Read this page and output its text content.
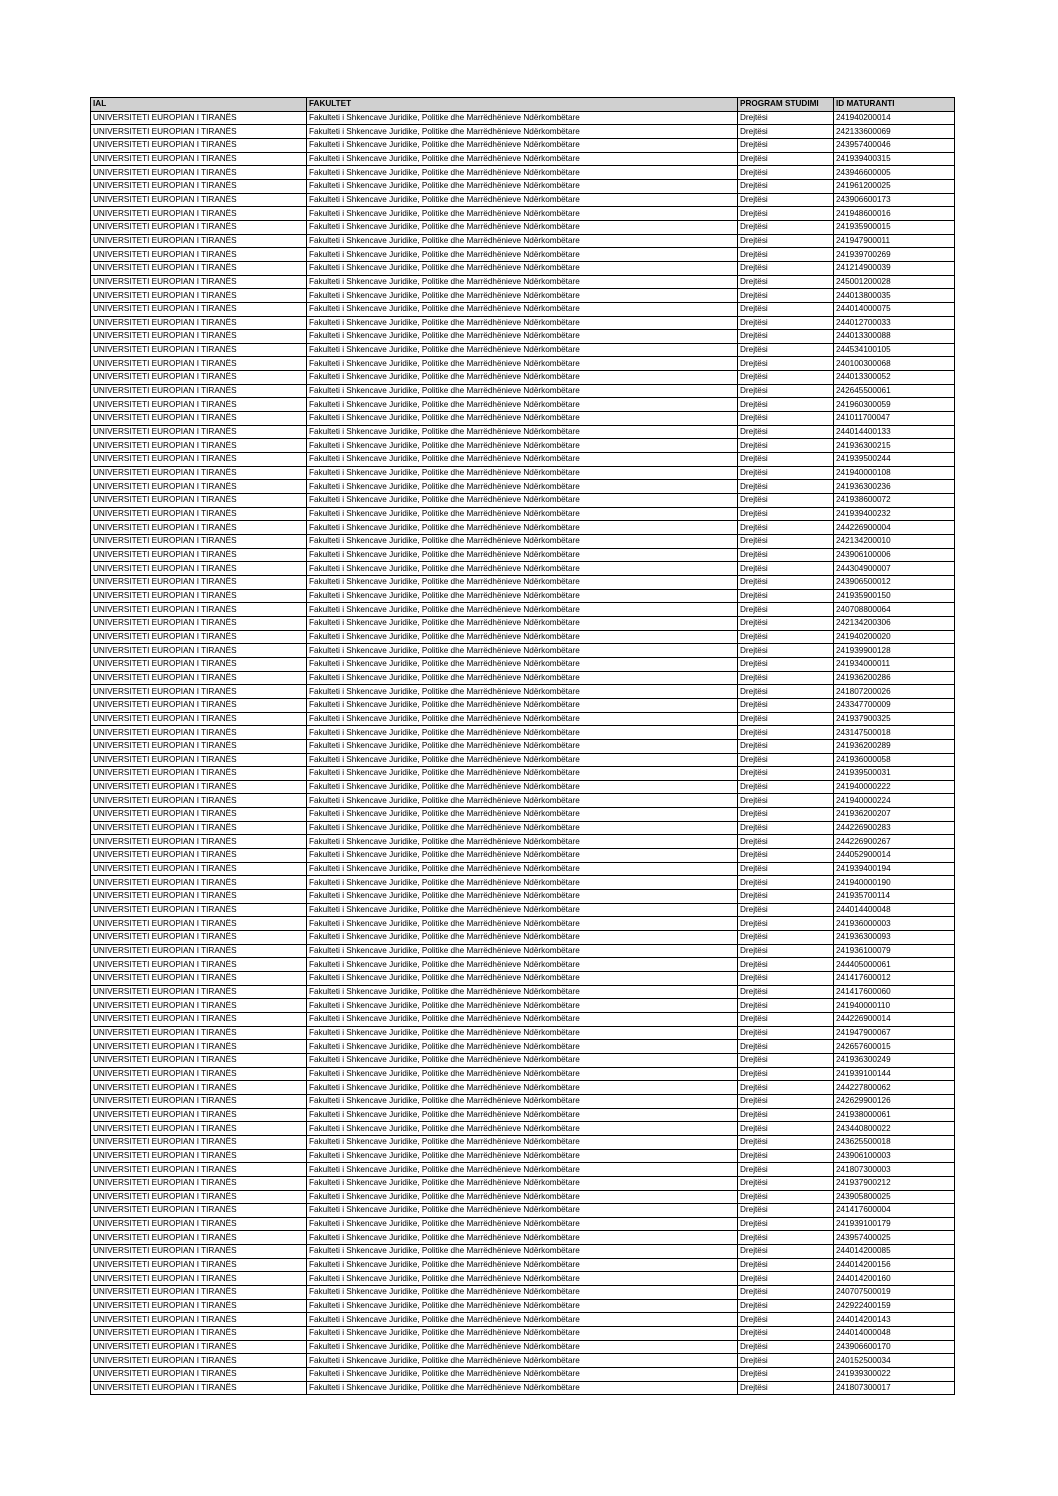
IAL	FAKULTET	PROGRAM STUDIMI	ID MATURANTI
UNIVERSITETI EUROPIAN I TIRANËS	Fakulteti i Shkencave Juridike, Politike dhe Marrëdhënieve Ndërkombëtare	Drejtësi	241940200014
UNIVERSITETI EUROPIAN I TIRANËS	Fakulteti i Shkencave Juridike, Politike dhe Marrëdhënieve Ndërkombëtare	Drejtësi	242133600069
UNIVERSITETI EUROPIAN I TIRANËS	Fakulteti i Shkencave Juridike, Politike dhe Marrëdhënieve Ndërkombëtare	Drejtësi	243957400046
UNIVERSITETI EUROPIAN I TIRANËS	Fakulteti i Shkencave Juridike, Politike dhe Marrëdhënieve Ndërkombëtare	Drejtësi	241939400315
UNIVERSITETI EUROPIAN I TIRANËS	Fakulteti i Shkencave Juridike, Politike dhe Marrëdhënieve Ndërkombëtare	Drejtësi	243946600005
UNIVERSITETI EUROPIAN I TIRANËS	Fakulteti i Shkencave Juridike, Politike dhe Marrëdhënieve Ndërkombëtare	Drejtësi	241961200025
UNIVERSITETI EUROPIAN I TIRANËS	Fakulteti i Shkencave Juridike, Politike dhe Marrëdhënieve Ndërkombëtare	Drejtësi	243906600173
UNIVERSITETI EUROPIAN I TIRANËS	Fakulteti i Shkencave Juridike, Politike dhe Marrëdhënieve Ndërkombëtare	Drejtësi	241948600016
UNIVERSITETI EUROPIAN I TIRANËS	Fakulteti i Shkencave Juridike, Politike dhe Marrëdhënieve Ndërkombëtare	Drejtësi	241935900015
UNIVERSITETI EUROPIAN I TIRANËS	Fakulteti i Shkencave Juridike, Politike dhe Marrëdhënieve Ndërkombëtare	Drejtësi	241947900011
UNIVERSITETI EUROPIAN I TIRANËS	Fakulteti i Shkencave Juridike, Politike dhe Marrëdhënieve Ndërkombëtare	Drejtësi	241939700269
UNIVERSITETI EUROPIAN I TIRANËS	Fakulteti i Shkencave Juridike, Politike dhe Marrëdhënieve Ndërkombëtare	Drejtësi	241214900039
UNIVERSITETI EUROPIAN I TIRANËS	Fakulteti i Shkencave Juridike, Politike dhe Marrëdhënieve Ndërkombëtare	Drejtësi	245001200028
UNIVERSITETI EUROPIAN I TIRANËS	Fakulteti i Shkencave Juridike, Politike dhe Marrëdhënieve Ndërkombëtare	Drejtësi	244013800035
UNIVERSITETI EUROPIAN I TIRANËS	Fakulteti i Shkencave Juridike, Politike dhe Marrëdhënieve Ndërkombëtare	Drejtësi	244014000075
UNIVERSITETI EUROPIAN I TIRANËS	Fakulteti i Shkencave Juridike, Politike dhe Marrëdhënieve Ndërkombëtare	Drejtësi	244012700033
UNIVERSITETI EUROPIAN I TIRANËS	Fakulteti i Shkencave Juridike, Politike dhe Marrëdhënieve Ndërkombëtare	Drejtësi	244013300088
UNIVERSITETI EUROPIAN I TIRANËS	Fakulteti i Shkencave Juridike, Politike dhe Marrëdhënieve Ndërkombëtare	Drejtësi	244534100105
UNIVERSITETI EUROPIAN I TIRANËS	Fakulteti i Shkencave Juridike, Politike dhe Marrëdhënieve Ndërkombëtare	Drejtësi	240100300068
UNIVERSITETI EUROPIAN I TIRANËS	Fakulteti i Shkencave Juridike, Politike dhe Marrëdhënieve Ndërkombëtare	Drejtësi	244013300052
UNIVERSITETI EUROPIAN I TIRANËS	Fakulteti i Shkencave Juridike, Politike dhe Marrëdhënieve Ndërkombëtare	Drejtësi	242645500061
UNIVERSITETI EUROPIAN I TIRANËS	Fakulteti i Shkencave Juridike, Politike dhe Marrëdhënieve Ndërkombëtare	Drejtësi	241960300059
UNIVERSITETI EUROPIAN I TIRANËS	Fakulteti i Shkencave Juridike, Politike dhe Marrëdhënieve Ndërkombëtare	Drejtësi	241011700047
UNIVERSITETI EUROPIAN I TIRANËS	Fakulteti i Shkencave Juridike, Politike dhe Marrëdhënieve Ndërkombëtare	Drejtësi	244014400133
UNIVERSITETI EUROPIAN I TIRANËS	Fakulteti i Shkencave Juridike, Politike dhe Marrëdhënieve Ndërkombëtare	Drejtësi	241936300215
UNIVERSITETI EUROPIAN I TIRANËS	Fakulteti i Shkencave Juridike, Politike dhe Marrëdhënieve Ndërkombëtare	Drejtësi	241939500244
UNIVERSITETI EUROPIAN I TIRANËS	Fakulteti i Shkencave Juridike, Politike dhe Marrëdhënieve Ndërkombëtare	Drejtësi	241940000108
UNIVERSITETI EUROPIAN I TIRANËS	Fakulteti i Shkencave Juridike, Politike dhe Marrëdhënieve Ndërkombëtare	Drejtësi	241936300236
UNIVERSITETI EUROPIAN I TIRANËS	Fakulteti i Shkencave Juridike, Politike dhe Marrëdhënieve Ndërkombëtare	Drejtësi	241938600072
UNIVERSITETI EUROPIAN I TIRANËS	Fakulteti i Shkencave Juridike, Politike dhe Marrëdhënieve Ndërkombëtare	Drejtësi	241939400232
UNIVERSITETI EUROPIAN I TIRANËS	Fakulteti i Shkencave Juridike, Politike dhe Marrëdhënieve Ndërkombëtare	Drejtësi	244226900004
UNIVERSITETI EUROPIAN I TIRANËS	Fakulteti i Shkencave Juridike, Politike dhe Marrëdhënieve Ndërkombëtare	Drejtësi	242134200010
UNIVERSITETI EUROPIAN I TIRANËS	Fakulteti i Shkencave Juridike, Politike dhe Marrëdhënieve Ndërkombëtare	Drejtësi	243906100006
UNIVERSITETI EUROPIAN I TIRANËS	Fakulteti i Shkencave Juridike, Politike dhe Marrëdhënieve Ndërkombëtare	Drejtësi	244304900007
UNIVERSITETI EUROPIAN I TIRANËS	Fakulteti i Shkencave Juridike, Politike dhe Marrëdhënieve Ndërkombëtare	Drejtësi	243906500012
UNIVERSITETI EUROPIAN I TIRANËS	Fakulteti i Shkencave Juridike, Politike dhe Marrëdhënieve Ndërkombëtare	Drejtësi	241935900150
UNIVERSITETI EUROPIAN I TIRANËS	Fakulteti i Shkencave Juridike, Politike dhe Marrëdhënieve Ndërkombëtare	Drejtësi	240708800064
UNIVERSITETI EUROPIAN I TIRANËS	Fakulteti i Shkencave Juridike, Politike dhe Marrëdhënieve Ndërkombëtare	Drejtësi	242134200306
UNIVERSITETI EUROPIAN I TIRANËS	Fakulteti i Shkencave Juridike, Politike dhe Marrëdhënieve Ndërkombëtare	Drejtësi	241940200020
UNIVERSITETI EUROPIAN I TIRANËS	Fakulteti i Shkencave Juridike, Politike dhe Marrëdhënieve Ndërkombëtare	Drejtësi	241939900128
UNIVERSITETI EUROPIAN I TIRANËS	Fakulteti i Shkencave Juridike, Politike dhe Marrëdhënieve Ndërkombëtare	Drejtësi	241934000011
UNIVERSITETI EUROPIAN I TIRANËS	Fakulteti i Shkencave Juridike, Politike dhe Marrëdhënieve Ndërkombëtare	Drejtësi	241936200286
UNIVERSITETI EUROPIAN I TIRANËS	Fakulteti i Shkencave Juridike, Politike dhe Marrëdhënieve Ndërkombëtare	Drejtësi	241807200026
UNIVERSITETI EUROPIAN I TIRANËS	Fakulteti i Shkencave Juridike, Politike dhe Marrëdhënieve Ndërkombëtare	Drejtësi	243347700009
UNIVERSITETI EUROPIAN I TIRANËS	Fakulteti i Shkencave Juridike, Politike dhe Marrëdhënieve Ndërkombëtare	Drejtësi	241937900325
UNIVERSITETI EUROPIAN I TIRANËS	Fakulteti i Shkencave Juridike, Politike dhe Marrëdhënieve Ndërkombëtare	Drejtësi	243147500018
UNIVERSITETI EUROPIAN I TIRANËS	Fakulteti i Shkencave Juridike, Politike dhe Marrëdhënieve Ndërkombëtare	Drejtësi	241936200289
UNIVERSITETI EUROPIAN I TIRANËS	Fakulteti i Shkencave Juridike, Politike dhe Marrëdhënieve Ndërkombëtare	Drejtësi	241936000058
UNIVERSITETI EUROPIAN I TIRANËS	Fakulteti i Shkencave Juridike, Politike dhe Marrëdhënieve Ndërkombëtare	Drejtësi	241939500031
UNIVERSITETI EUROPIAN I TIRANËS	Fakulteti i Shkencave Juridike, Politike dhe Marrëdhënieve Ndërkombëtare	Drejtësi	241940000222
UNIVERSITETI EUROPIAN I TIRANËS	Fakulteti i Shkencave Juridike, Politike dhe Marrëdhënieve Ndërkombëtare	Drejtësi	241940000224
UNIVERSITETI EUROPIAN I TIRANËS	Fakulteti i Shkencave Juridike, Politike dhe Marrëdhënieve Ndërkombëtare	Drejtësi	241936200207
UNIVERSITETI EUROPIAN I TIRANËS	Fakulteti i Shkencave Juridike, Politike dhe Marrëdhënieve Ndërkombëtare	Drejtësi	244226900283
UNIVERSITETI EUROPIAN I TIRANËS	Fakulteti i Shkencave Juridike, Politike dhe Marrëdhënieve Ndërkombëtare	Drejtësi	244226900267
UNIVERSITETI EUROPIAN I TIRANËS	Fakulteti i Shkencave Juridike, Politike dhe Marrëdhënieve Ndërkombëtare	Drejtësi	244052900014
UNIVERSITETI EUROPIAN I TIRANËS	Fakulteti i Shkencave Juridike, Politike dhe Marrëdhënieve Ndërkombëtare	Drejtësi	241939400194
UNIVERSITETI EUROPIAN I TIRANËS	Fakulteti i Shkencave Juridike, Politike dhe Marrëdhënieve Ndërkombëtare	Drejtësi	241940000190
UNIVERSITETI EUROPIAN I TIRANËS	Fakulteti i Shkencave Juridike, Politike dhe Marrëdhënieve Ndërkombëtare	Drejtësi	241935700114
UNIVERSITETI EUROPIAN I TIRANËS	Fakulteti i Shkencave Juridike, Politike dhe Marrëdhënieve Ndërkombëtare	Drejtësi	244014400048
UNIVERSITETI EUROPIAN I TIRANËS	Fakulteti i Shkencave Juridike, Politike dhe Marrëdhënieve Ndërkombëtare	Drejtësi	241936000003
UNIVERSITETI EUROPIAN I TIRANËS	Fakulteti i Shkencave Juridike, Politike dhe Marrëdhënieve Ndërkombëtare	Drejtësi	241936300093
UNIVERSITETI EUROPIAN I TIRANËS	Fakulteti i Shkencave Juridike, Politike dhe Marrëdhënieve Ndërkombëtare	Drejtësi	241936100079
UNIVERSITETI EUROPIAN I TIRANËS	Fakulteti i Shkencave Juridike, Politike dhe Marrëdhënieve Ndërkombëtare	Drejtësi	244405000061
UNIVERSITETI EUROPIAN I TIRANËS	Fakulteti i Shkencave Juridike, Politike dhe Marrëdhënieve Ndërkombëtare	Drejtësi	241417600012
UNIVERSITETI EUROPIAN I TIRANËS	Fakulteti i Shkencave Juridike, Politike dhe Marrëdhënieve Ndërkombëtare	Drejtësi	241417600060
UNIVERSITETI EUROPIAN I TIRANËS	Fakulteti i Shkencave Juridike, Politike dhe Marrëdhënieve Ndërkombëtare	Drejtësi	241940000110
UNIVERSITETI EUROPIAN I TIRANËS	Fakulteti i Shkencave Juridike, Politike dhe Marrëdhënieve Ndërkombëtare	Drejtësi	244226900014
UNIVERSITETI EUROPIAN I TIRANËS	Fakulteti i Shkencave Juridike, Politike dhe Marrëdhënieve Ndërkombëtare	Drejtësi	241947900067
UNIVERSITETI EUROPIAN I TIRANËS	Fakulteti i Shkencave Juridike, Politike dhe Marrëdhënieve Ndërkombëtare	Drejtësi	242657600015
UNIVERSITETI EUROPIAN I TIRANËS	Fakulteti i Shkencave Juridike, Politike dhe Marrëdhënieve Ndërkombëtare	Drejtësi	241936300249
UNIVERSITETI EUROPIAN I TIRANËS	Fakulteti i Shkencave Juridike, Politike dhe Marrëdhënieve Ndërkombëtare	Drejtësi	241939100144
UNIVERSITETI EUROPIAN I TIRANËS	Fakulteti i Shkencave Juridike, Politike dhe Marrëdhënieve Ndërkombëtare	Drejtësi	244227800062
UNIVERSITETI EUROPIAN I TIRANËS	Fakulteti i Shkencave Juridike, Politike dhe Marrëdhënieve Ndërkombëtare	Drejtësi	242629900126
UNIVERSITETI EUROPIAN I TIRANËS	Fakulteti i Shkencave Juridike, Politike dhe Marrëdhënieve Ndërkombëtare	Drejtësi	241938000061
UNIVERSITETI EUROPIAN I TIRANËS	Fakulteti i Shkencave Juridike, Politike dhe Marrëdhënieve Ndërkombëtare	Drejtësi	243440800022
UNIVERSITETI EUROPIAN I TIRANËS	Fakulteti i Shkencave Juridike, Politike dhe Marrëdhënieve Ndërkombëtare	Drejtësi	243625500018
UNIVERSITETI EUROPIAN I TIRANËS	Fakulteti i Shkencave Juridike, Politike dhe Marrëdhënieve Ndërkombëtare	Drejtësi	243906100003
UNIVERSITETI EUROPIAN I TIRANËS	Fakulteti i Shkencave Juridike, Politike dhe Marrëdhënieve Ndërkombëtare	Drejtësi	241807300003
UNIVERSITETI EUROPIAN I TIRANËS	Fakulteti i Shkencave Juridike, Politike dhe Marrëdhënieve Ndërkombëtare	Drejtësi	241937900212
UNIVERSITETI EUROPIAN I TIRANËS	Fakulteti i Shkencave Juridike, Politike dhe Marrëdhënieve Ndërkombëtare	Drejtësi	243905800025
UNIVERSITETI EUROPIAN I TIRANËS	Fakulteti i Shkencave Juridike, Politike dhe Marrëdhënieve Ndërkombëtare	Drejtësi	241417600004
UNIVERSITETI EUROPIAN I TIRANËS	Fakulteti i Shkencave Juridike, Politike dhe Marrëdhënieve Ndërkombëtare	Drejtësi	241939100179
UNIVERSITETI EUROPIAN I TIRANËS	Fakulteti i Shkencave Juridike, Politike dhe Marrëdhënieve Ndërkombëtare	Drejtësi	243957400025
UNIVERSITETI EUROPIAN I TIRANËS	Fakulteti i Shkencave Juridike, Politike dhe Marrëdhënieve Ndërkombëtare	Drejtësi	244014200085
UNIVERSITETI EUROPIAN I TIRANËS	Fakulteti i Shkencave Juridike, Politike dhe Marrëdhënieve Ndërkombëtare	Drejtësi	244014200156
UNIVERSITETI EUROPIAN I TIRANËS	Fakulteti i Shkencave Juridike, Politike dhe Marrëdhënieve Ndërkombëtare	Drejtësi	244014200160
UNIVERSITETI EUROPIAN I TIRANËS	Fakulteti i Shkencave Juridike, Politike dhe Marrëdhënieve Ndërkombëtare	Drejtësi	240707500019
UNIVERSITETI EUROPIAN I TIRANËS	Fakulteti i Shkencave Juridike, Politike dhe Marrëdhënieve Ndërkombëtare	Drejtësi	242922400159
UNIVERSITETI EUROPIAN I TIRANËS	Fakulteti i Shkencave Juridike, Politike dhe Marrëdhënieve Ndërkombëtare	Drejtësi	244014200143
UNIVERSITETI EUROPIAN I TIRANËS	Fakulteti i Shkencave Juridike, Politike dhe Marrëdhënieve Ndërkombëtare	Drejtësi	244014000048
UNIVERSITETI EUROPIAN I TIRANËS	Fakulteti i Shkencave Juridike, Politike dhe Marrëdhënieve Ndërkombëtare	Drejtësi	243906600170
UNIVERSITETI EUROPIAN I TIRANËS	Fakulteti i Shkencave Juridike, Politike dhe Marrëdhënieve Ndërkombëtare	Drejtësi	240152500034
UNIVERSITETI EUROPIAN I TIRANËS	Fakulteti i Shkencave Juridike, Politike dhe Marrëdhënieve Ndërkombëtare	Drejtësi	241939300022
UNIVERSITETI EUROPIAN I TIRANËS	Fakulteti i Shkencave Juridike, Politike dhe Marrëdhënieve Ndërkombëtare	Drejtësi	241807300017
